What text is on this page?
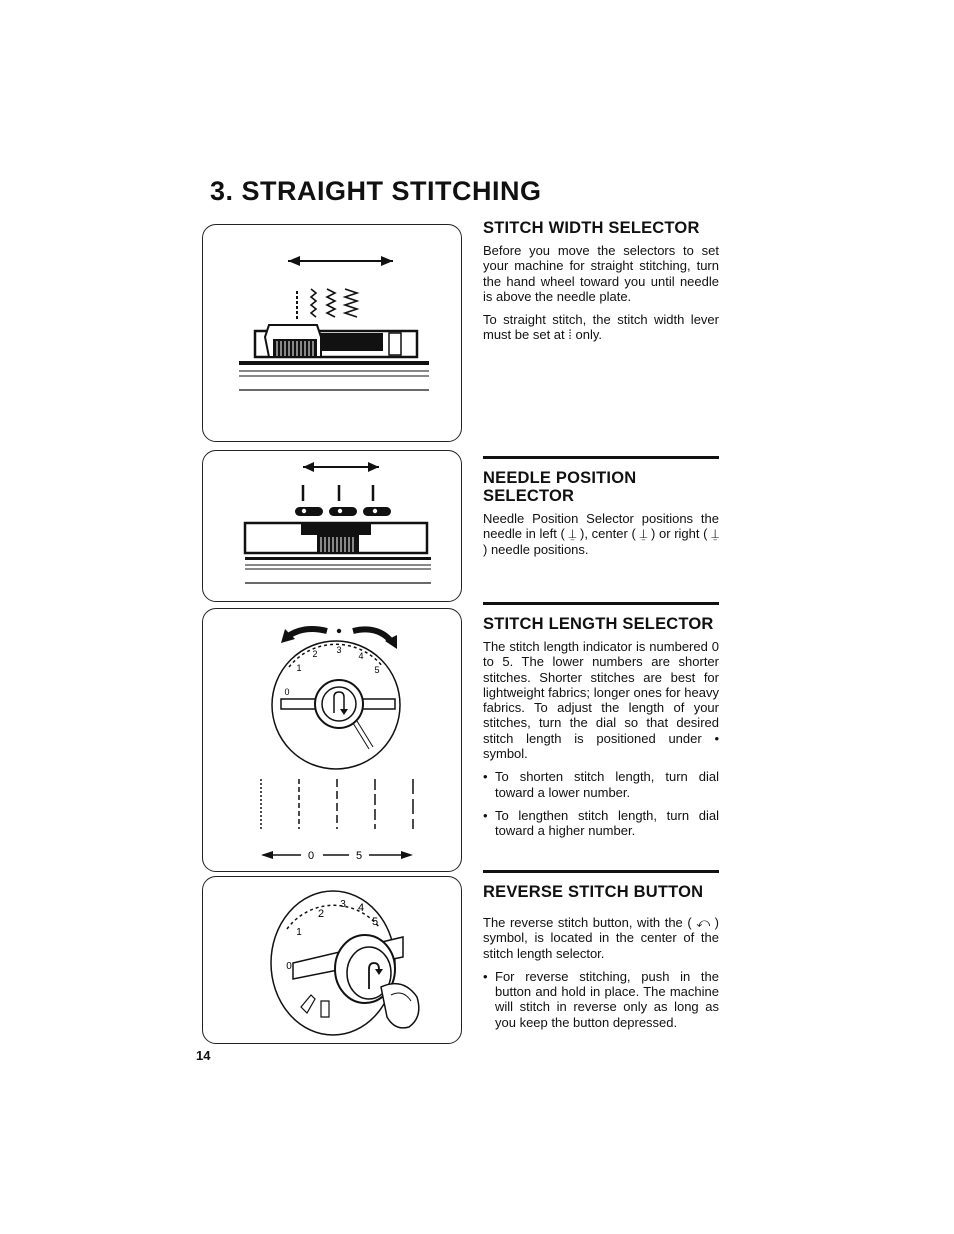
3. STRAIGHT STITCHING
0
1
2 3
4
5
0	5
0
1
2
3 4
5
STITCH WIDTH SELECTOR

Before you move the selectors to set your machine for straight stitching, turn the hand wheel toward you until needle is above the needle plate.

To straight stitch, the stitch width lever must be set at ⁞ only.

NEEDLE POSITION SELECTOR

Needle Position Selector positions the needle in left ( ⍊ ), center ( ⍊ ) or right ( ⍊ ) needle positions.

STITCH LENGTH SELECTOR

The stitch length indicator is numbered 0 to 5. The lower numbers are shorter stitches. Shorter stitches are best for lightweight fabrics; longer ones for heavy fabrics. To adjust the length of your stitches, turn the dial so that desired stitch length is positioned under • symbol.

• To shorten stitch length, turn dial toward a lower number.

• To lengthen stitch length, turn dial toward a higher number.

REVERSE STITCH BUTTON

The reverse stitch button, with the ( ⤺ ) symbol, is located in the center of the stitch length selector.

• For reverse stitching, push in the button and hold in place. The machine will stitch in reverse only as long as you keep the button depressed.

14
